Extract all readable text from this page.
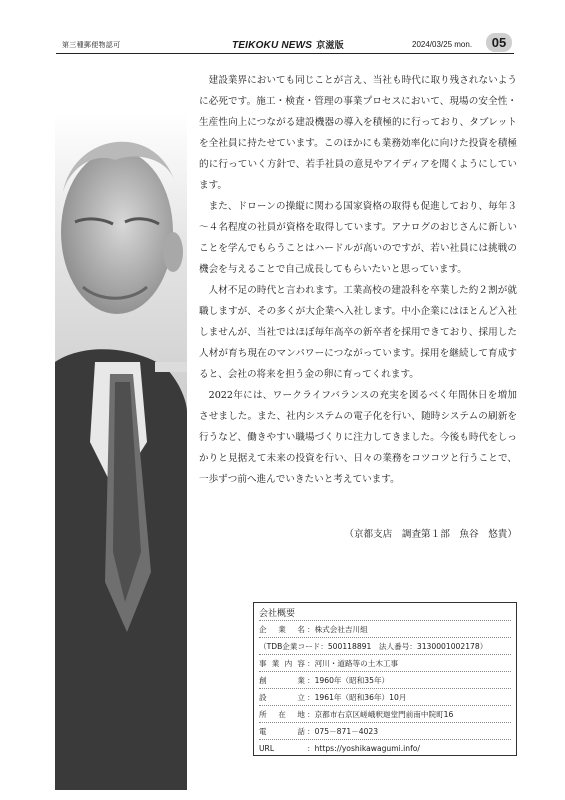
第三種郵便物認可	TEIKOKU NEWS 京滋版	2024/03/25 mon.	05

建設業界においても同じことが言え、当社も時代に取り残されないように必死です。施工・検査・管理の事業プロセスにおいて、現場の安全性・生産性向上につながる建設機器の導入を積極的に行っており、タブレットを全社員に持たせています。このほかにも業務効率化に向けた投資を積極的に行っていく方針で、若手社員の意見やアイディアを聞くようにしています。

また、ドローンの操縦に関わる国家資格の取得も促進しており、毎年３～４名程度の社員が資格を取得しています。アナログのおじさんに新しいことを学んでもらうことはハードルが高いのですが、若い社員には挑戦の機会を与えることで自己成長してもらいたいと思っています。

人材不足の時代と言われます。工業高校の建設科を卒業した約２割が就職しますが、その多くが大企業へ入社します。中小企業にはほとんど入社しませんが、当社ではほぼ毎年高卒の新卒者を採用できており、採用した人材が育ち現在のマンパワーにつながっています。採用を継続して育成すると、会社の将来を担う金の卵に育ってくれます。

2022年には、ワークライフバランスの充実を図るべく年間休日を増加させました。また、社内システムの電子化を行い、随時システムの刷新を行うなど、働きやすい職場づくりに注力してきました。今後も時代をしっかりと見据えて未来の投資を行い、日々の業務をコツコツと行うことで、一歩ずつ前へ進んでいきたいと考えています。

（京都支店　調査第１部　魚谷　悠貴）
会社概要
企業名 ：株式会社吉川組
（TDB企業コード：500118891　法人番号：3130001002178）
事業内容 ：河川・道路等の土木工事
創業 ：1960年（昭和35年）
設立 ：1961年（昭和36年）10月
所在地 ：京都市右京区嵯峨釈迦堂門前南中院町16
電話 ：075－871－4023
URL	：https://yoshikawagumi.info/
